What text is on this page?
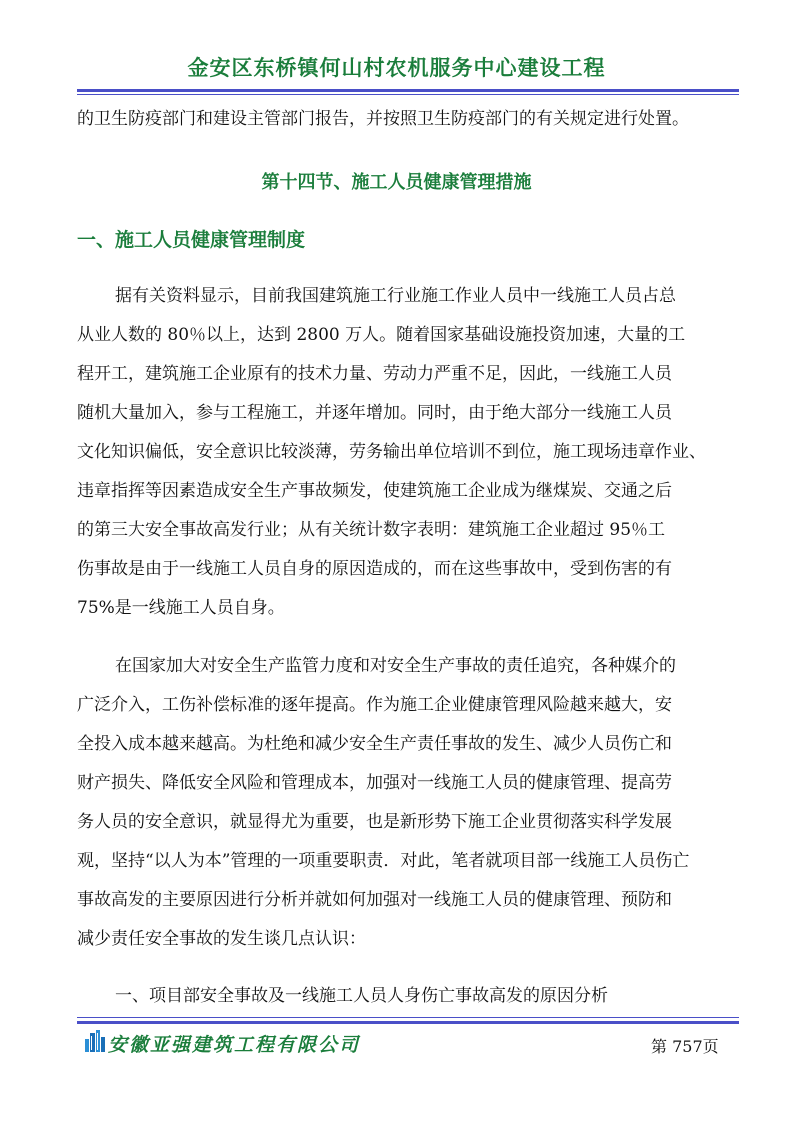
金安区东桥镇何山村农机服务中心建设工程
的卫生防疫部门和建设主管部门报告，并按照卫生防疫部门的有关规定进行处置。
第十四节、施工人员健康管理措施
一、施工人员健康管理制度
据有关资料显示，目前我国建筑施工行业施工作业人员中一线施工人员占总
从业人数的 80％以上，达到 2800 万人。随着国家基础设施投资加速，大量的工
程开工，建筑施工企业原有的技术力量、劳动力严重不足，因此，一线施工人员
随机大量加入，参与工程施工，并逐年增加。同时，由于绝大部分一线施工人员
文化知识偏低，安全意识比较淡薄，劳务输出单位培训不到位，施工现场违章作业、
违章指挥等因素造成安全生产事故频发，使建筑施工企业成为继煤炭、交通之后
的第三大安全事故高发行业；从有关统计数字表明：建筑施工企业超过 95％工
伤事故是由于一线施工人员自身的原因造成的，而在这些事故中，受到伤害的有
75%是一线施工人员自身。
在国家加大对安全生产监管力度和对安全生产事故的责任追究，各种媒介的
广泛介入，工伤补偿标准的逐年提高。作为施工企业健康管理风险越来越大，安
全投入成本越来越高。为杜绝和减少安全生产责任事故的发生、减少人员伤亡和
财产损失、降低安全风险和管理成本，加强对一线施工人员的健康管理、提高劳
务人员的安全意识，就显得尤为重要，也是新形势下施工企业贯彻落实科学发展
观，坚持“以人为本”管理的一项重要职责．对此，笔者就项目部一线施工人员伤亡
事故高发的主要原因进行分析并就如何加强对一线施工人员的健康管理、预防和
减少责任安全事故的发生谈几点认识：
一、项目部安全事故及一线施工人员人身伤亡事故高发的原因分析
安徽亚强建筑工程有限公司	第 757页
